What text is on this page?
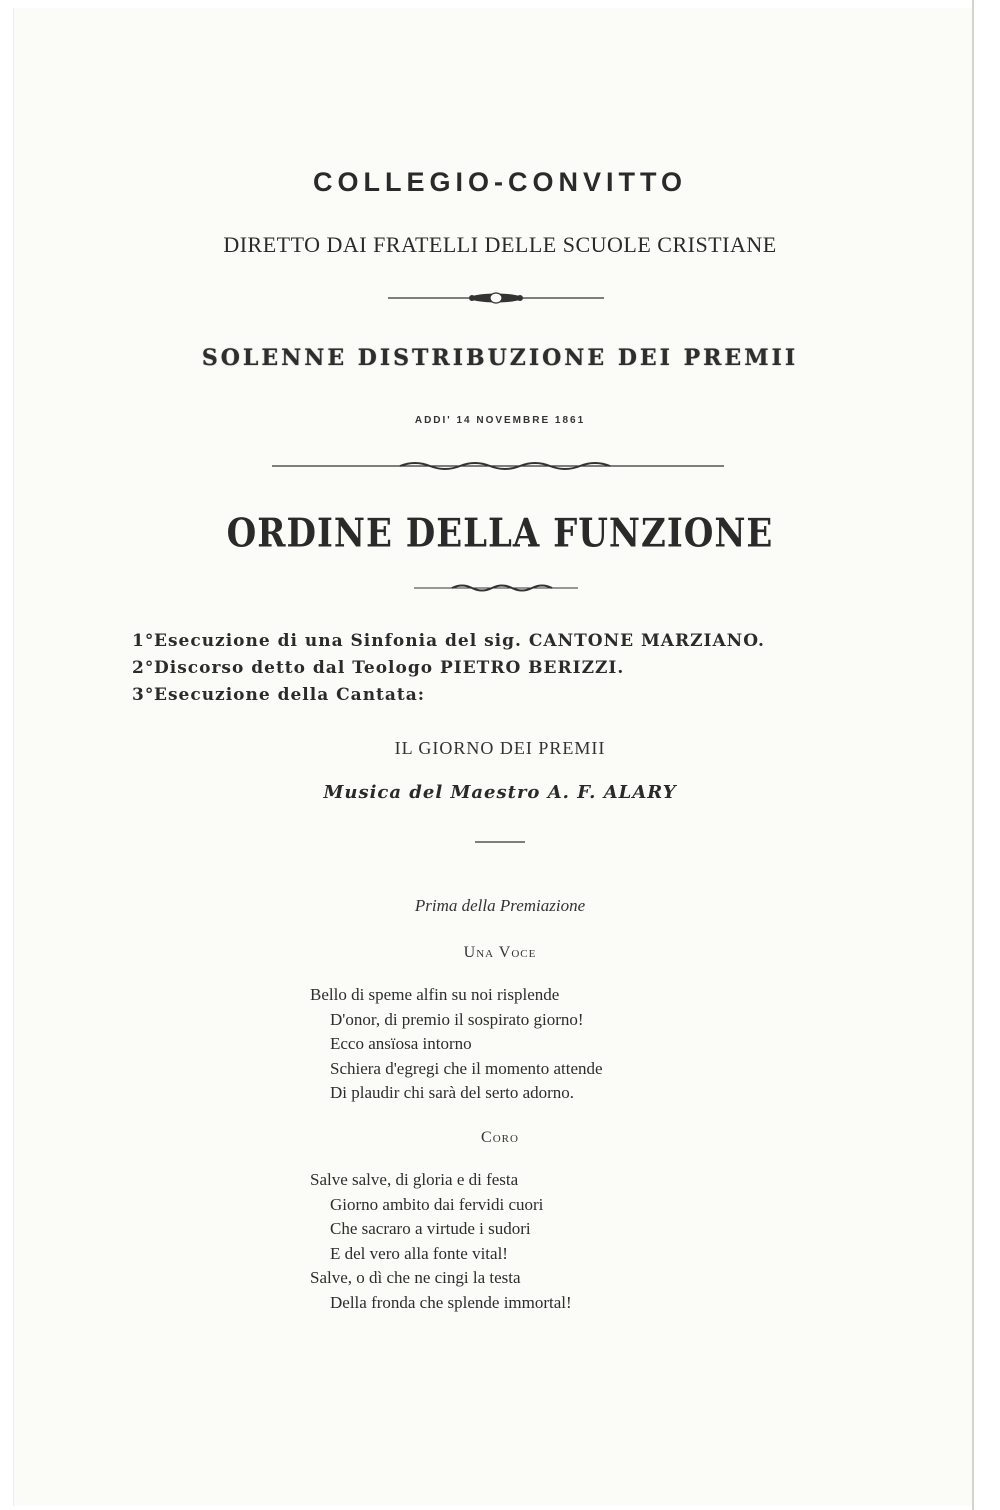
COLLEGIO-CONVITTO
DIRETTO DAI FRATELLI DELLE SCUOLE CRISTIANE
SOLENNE DISTRIBUZIONE DEI PREMII
ADDI' 14 NOVEMBRE 1861
ORDINE DELLA FUNZIONE
1°Esecuzione di una Sinfonia del sig. CANTONE MARZIANO.
2°Discorso detto dal Teologo PIETRO BERIZZI.
3°Esecuzione della Cantata:
IL GIORNO DEI PREMII
Musica del Maestro A. F. ALARY
Prima della Premiazione
Una Voce
Bello di speme alfin su noi risplende
D'onor, di premio il sospirato giorno!
Ecco ansïosa intorno
Schiera d'egregi che il momento attende
Di plaudir chi sarà del serto adorno.
Coro
Salve salve, di gloria e di festa
Giorno ambito dai fervidi cuori
Che sacraro a virtude i sudori
E del vero alla fonte vital!
Salve, o dì che ne cingi la testa
Della fronda che splende immortal!
